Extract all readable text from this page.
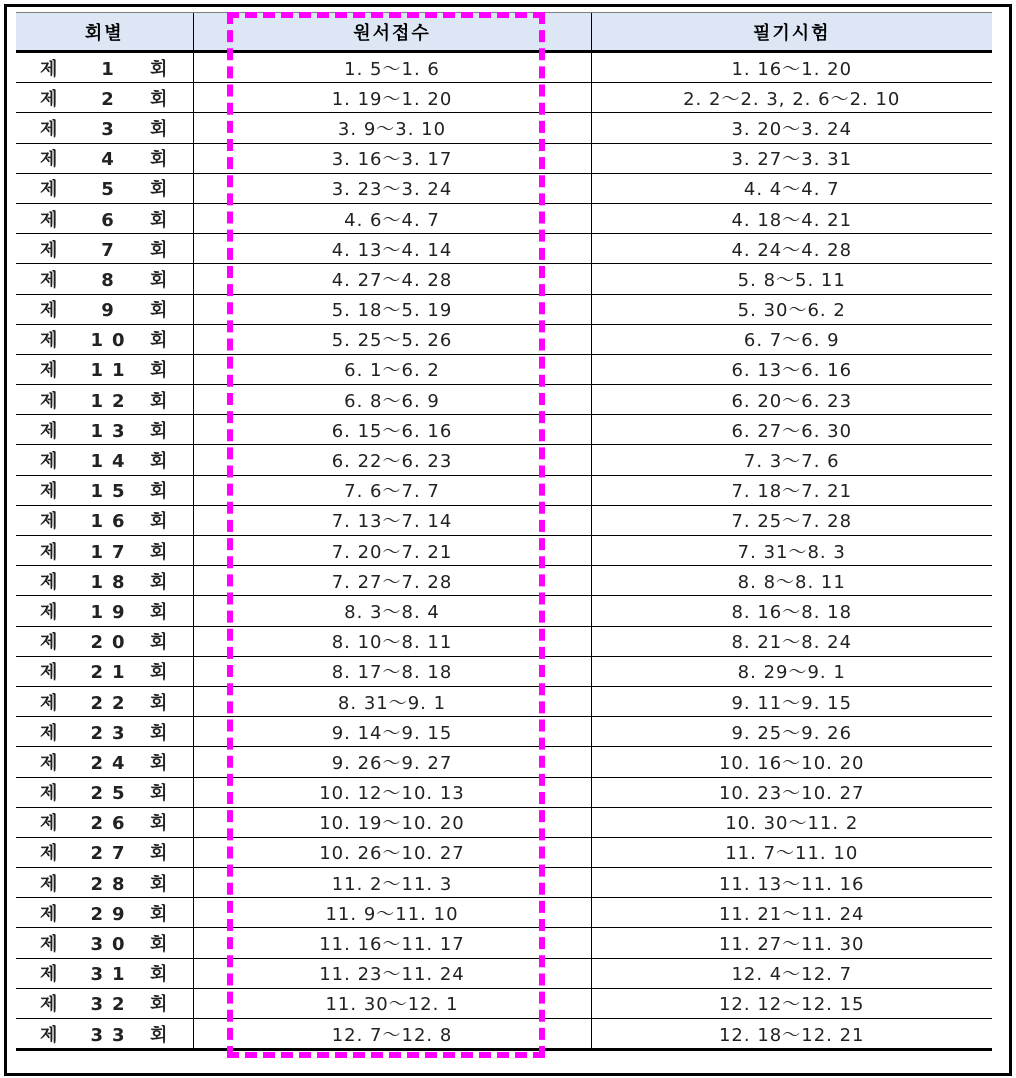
회별	원서접수	필기시험
제 1 회	1. 5～1. 6	1. 16～1. 20
제 2 회	1. 19～1. 20	2. 2～2. 3, 2. 6～2. 10
제 3 회	3. 9～3. 10	3. 20～3. 24
제 4 회	3. 16～3. 17	3. 27～3. 31
제 5 회	3. 23～3. 24	4. 4～4. 7
제 6 회	4. 6～4. 7	4. 18～4. 21
제 7 회	4. 13～4. 14	4. 24～4. 28
제 8 회	4. 27～4. 28	5. 8～5. 11
제 9 회	5. 18～5. 19	5. 30～6. 2
제 10 회	5. 25～5. 26	6. 7～6. 9
제 11 회	6. 1～6. 2	6. 13～6. 16
제 12 회	6. 8～6. 9	6. 20～6. 23
제 13 회	6. 15～6. 16	6. 27～6. 30
제 14 회	6. 22～6. 23	7. 3～7. 6
제 15 회	7. 6～7. 7	7. 18～7. 21
제 16 회	7. 13～7. 14	7. 25～7. 28
제 17 회	7. 20～7. 21	7. 31～8. 3
제 18 회	7. 27～7. 28	8. 8～8. 11
제 19 회	8. 3～8. 4	8. 16～8. 18
제 20 회	8. 10～8. 11	8. 21～8. 24
제 21 회	8. 17～8. 18	8. 29～9. 1
제 22 회	8. 31～9. 1	9. 11～9. 15
제 23 회	9. 14～9. 15	9. 25～9. 26
제 24 회	9. 26～9. 27	10. 16～10. 20
제 25 회	10. 12～10. 13	10. 23～10. 27
제 26 회	10. 19～10. 20	10. 30～11. 2
제 27 회	10. 26～10. 27	11. 7～11. 10
제 28 회	11. 2～11. 3	11. 13～11. 16
제 29 회	11. 9～11. 10	11. 21～11. 24
제 30 회	11. 16～11. 17	11. 27～11. 30
제 31 회	11. 23～11. 24	12. 4～12. 7
제 32 회	11. 30～12. 1	12. 12～12. 15
제 33 회	12. 7～12. 8	12. 18～12. 21
